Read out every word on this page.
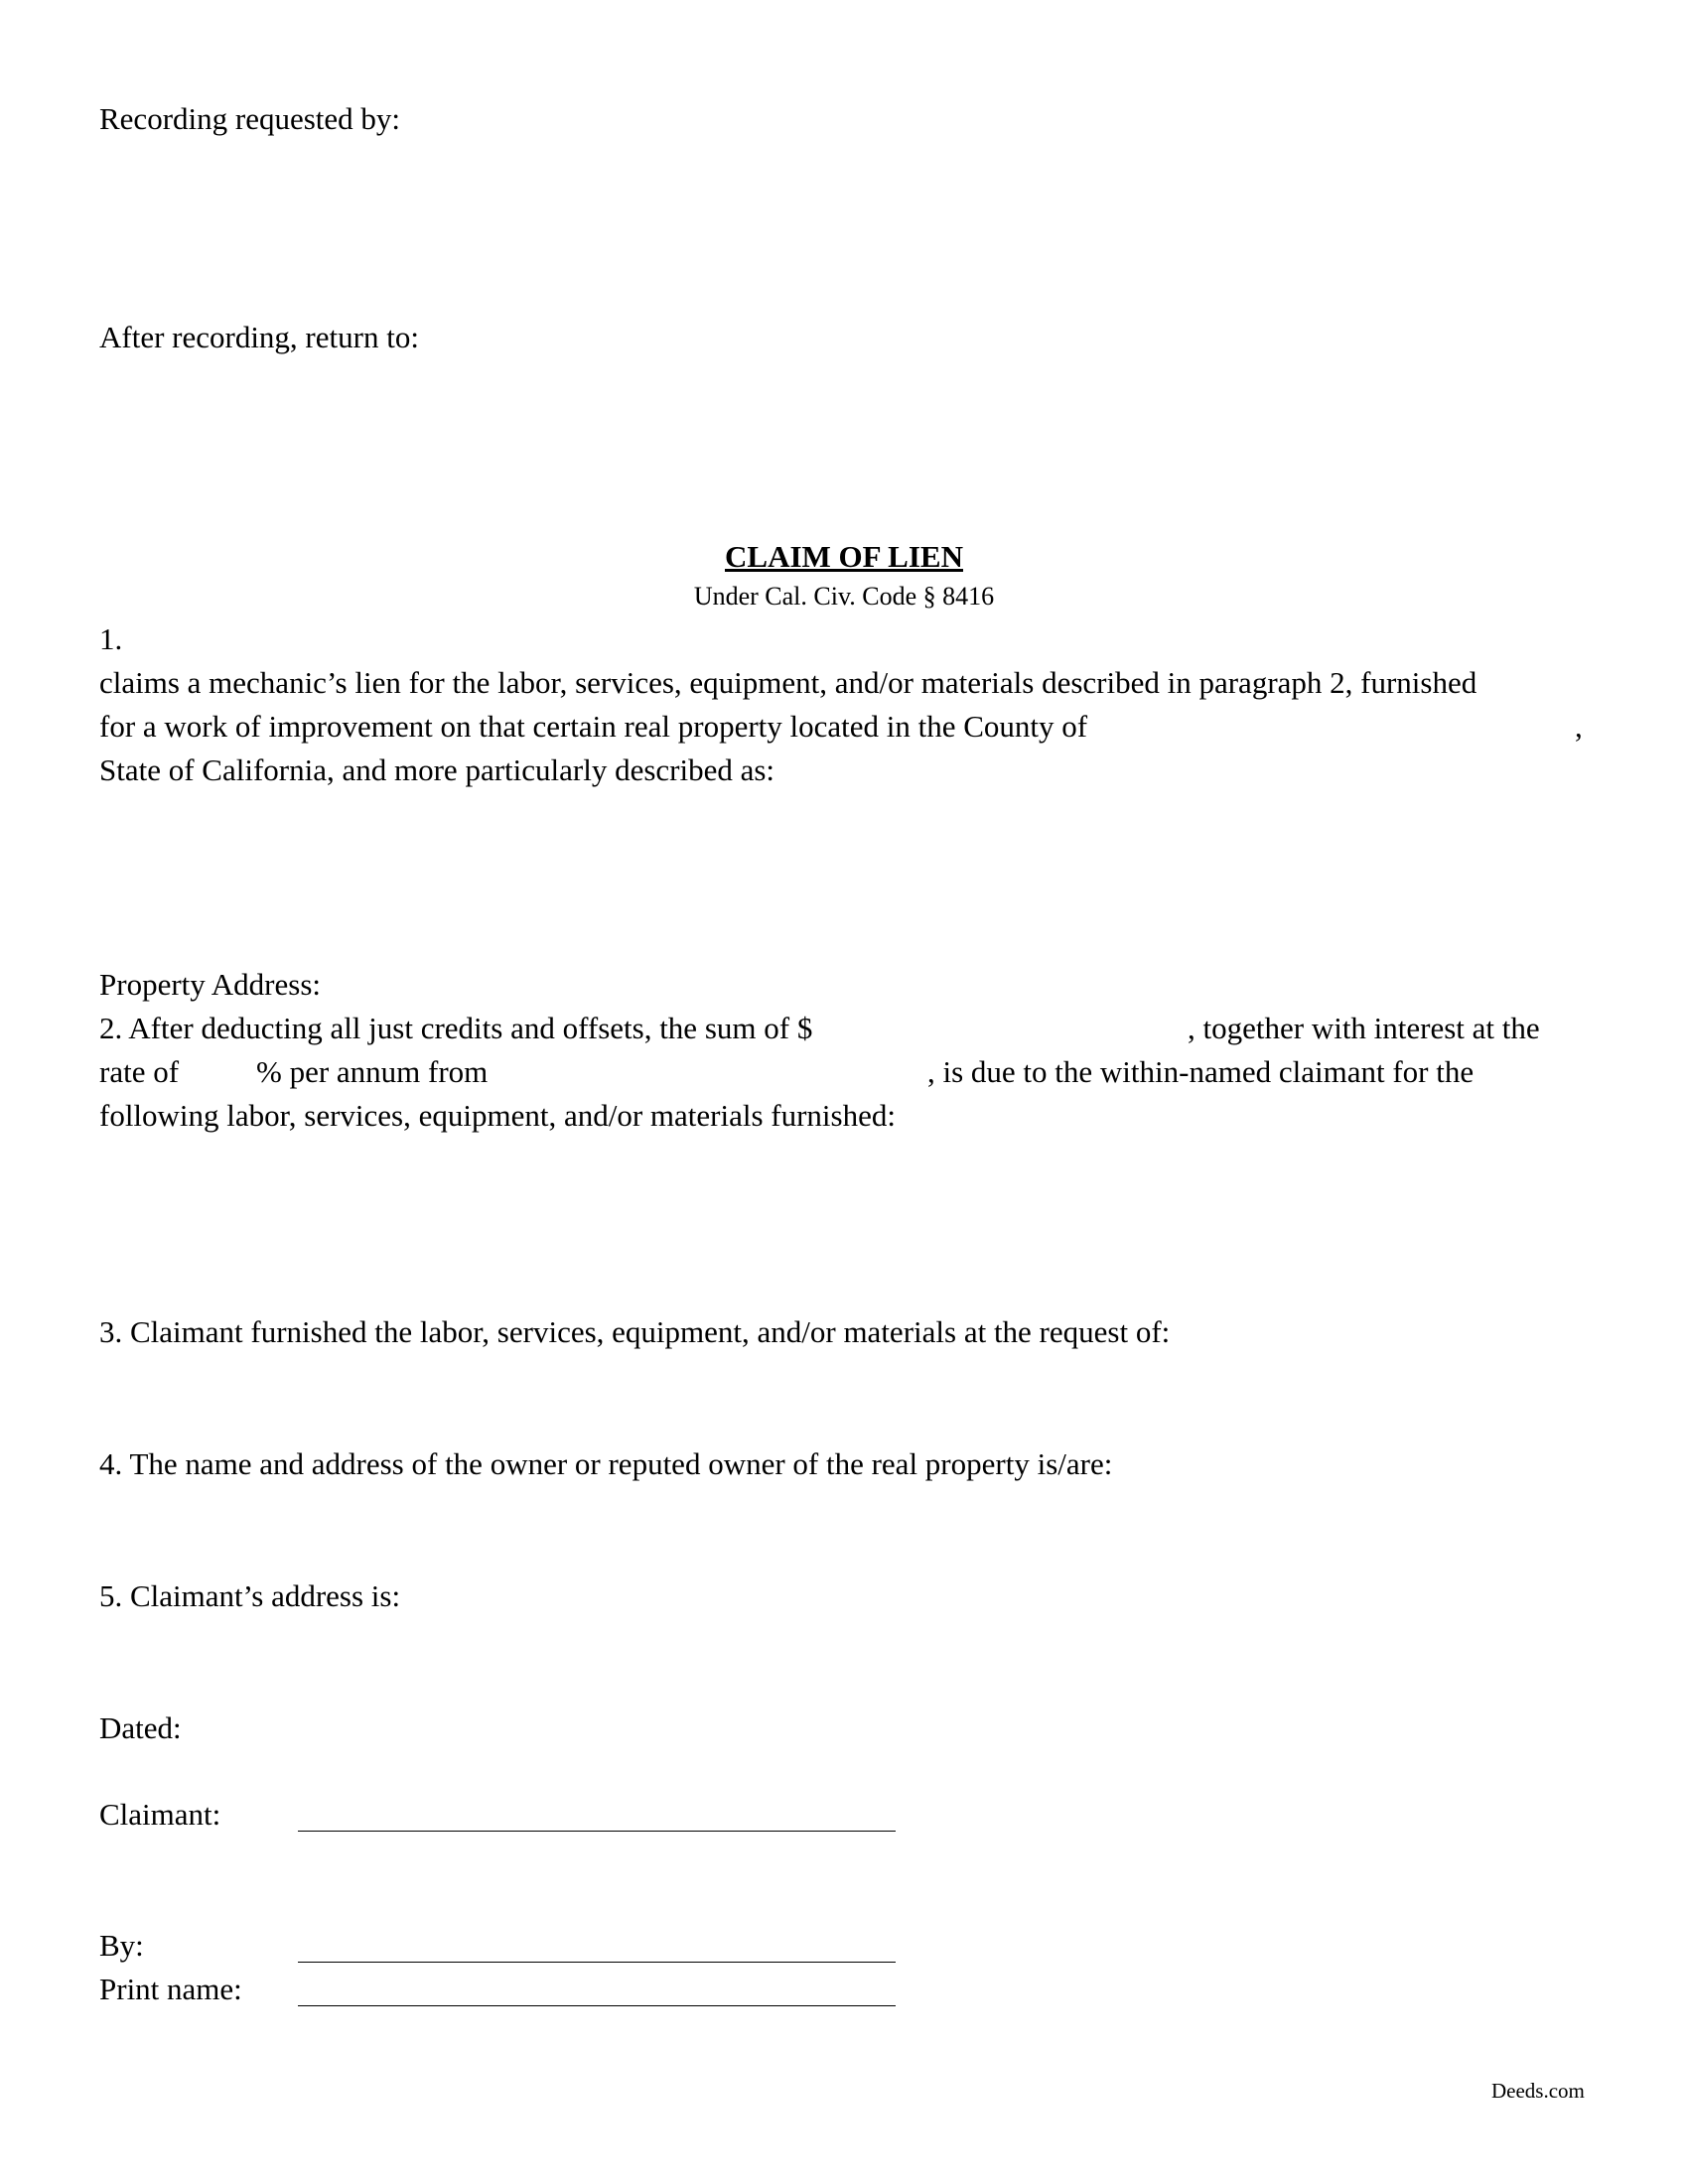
Recording requested by:
After recording, return to:
CLAIM OF LIEN
Under Cal. Civ. Code § 8416
1.
claims a mechanic’s lien for the labor, services, equipment, and/or materials described in paragraph 2, furnished
for a work of improvement on that certain real property located in the County of	,
State of California, and more particularly described as:
Property Address:
2. After deducting all just credits and offsets, the sum of $	, together with interest at the
rate of	% per annum from	, is due to the within-named claimant for the
following labor, services, equipment, and/or materials furnished:
3. Claimant furnished the labor, services, equipment, and/or materials at the request of:
4. The name and address of the owner or reputed owner of the real property is/are:
5. Claimant’s address is:
Dated:
Claimant:
By:
Print name:
Deeds.com
